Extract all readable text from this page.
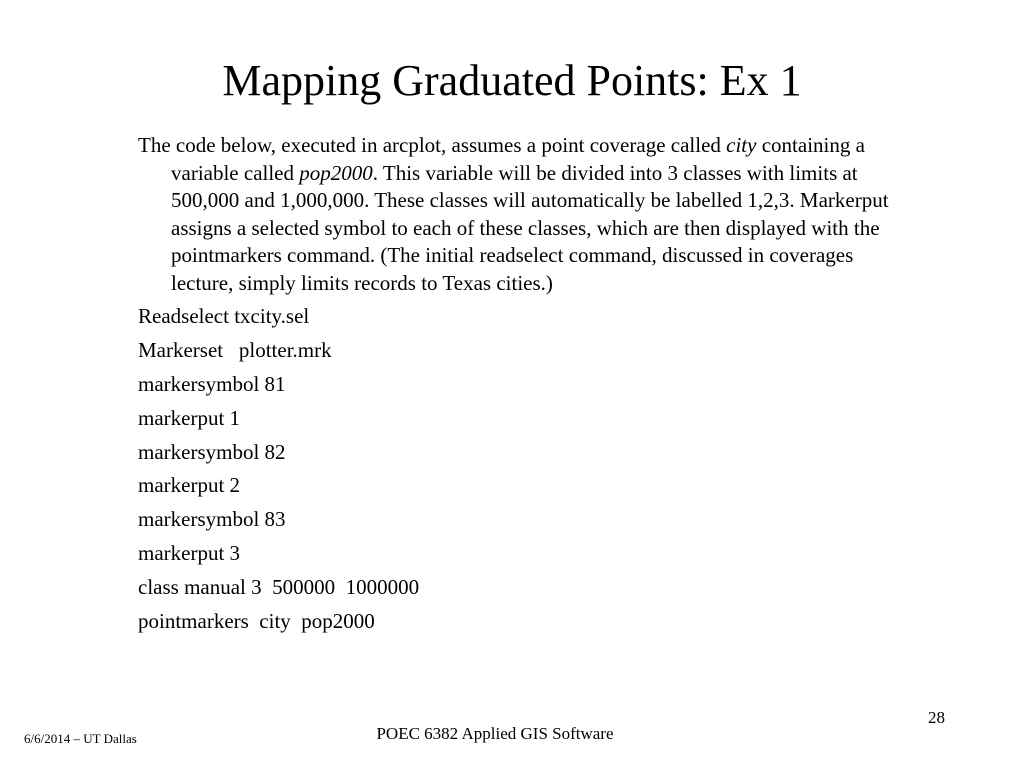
Mapping Graduated Points: Ex 1

The code below, executed in arcplot, assumes a point coverage called city containing a variable called pop2000. This variable will be divided into 3 classes with limits at 500,000 and 1,000,000. These classes will automatically be labelled 1,2,3. Markerput assigns a selected symbol to each of these classes, which are then displayed with the pointmarkers command. (The initial readselect command, discussed in coverages lecture, simply limits records to Texas cities.)

Readselect txcity.sel
Markerset   plotter.mrk
markersymbol 81
markerput 1
markersymbol 82
markerput 2
markersymbol 83
markerput 3
class manual 3  500000  1000000
pointmarkers  city  pop2000
6/6/2014 – UT Dallas	POEC 6382 Applied GIS Software
28
